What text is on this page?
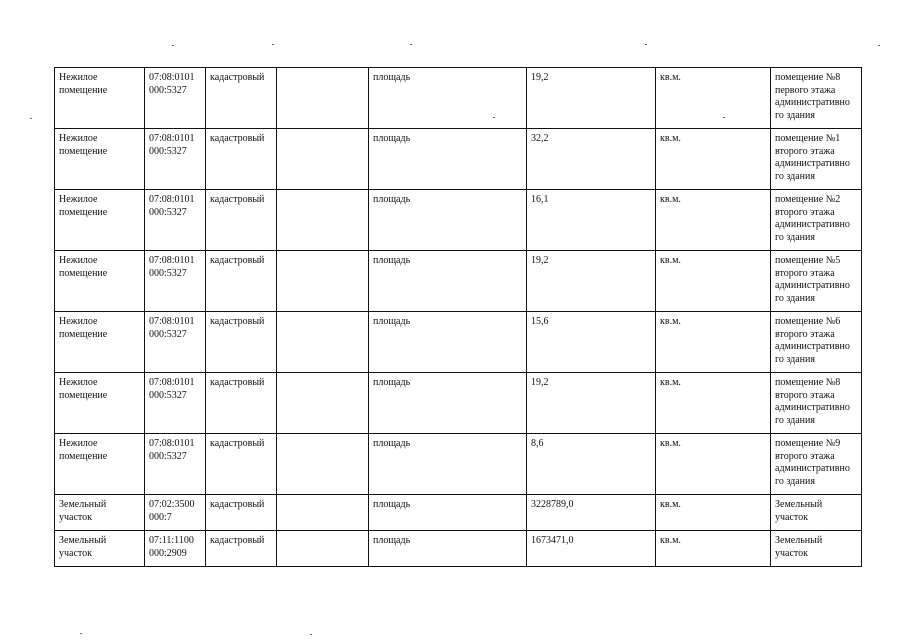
Нежилое помещение	07:08:0101 000:5327	кадастровый		площадь	19,2	кв.м.	помещение №8 первого этажа административно го здания
Нежилое помещение	07:08:0101 000:5327	кадастровый		площадь	32,2	кв.м.	помещение №1 второго этажа административно го здания
Нежилое помещение	07:08:0101 000:5327	кадастровый		площадь	16,1	кв.м.	помещение №2 второго этажа административно го здания
Нежилое помещение	07:08:0101 000:5327	кадастровый		площадь	19,2	кв.м.	помещение №5 второго этажа административно го здания
Нежилое помещение	07:08:0101 000:5327	кадастровый		площадь	15,6	кв.м.	помещение №6 второго этажа административно го здания
Нежилое помещение	07:08:0101 000:5327	кадастровый		площадь	19,2	кв.м.	помещение №8 второго этажа административно го здания
Нежилое помещение	07:08:0101 000:5327	кадастровый		площадь	8,6	кв.м.	помещение №9 второго этажа административно го здания
Земельный участок	07:02:3500 000:7	кадастровый		площадь	3228789,0	кв.м.	Земельный участок
Земельный участок	07:11:1100 000:2909	кадастровый		площадь	1673471,0	кв.м.	Земельный участок
